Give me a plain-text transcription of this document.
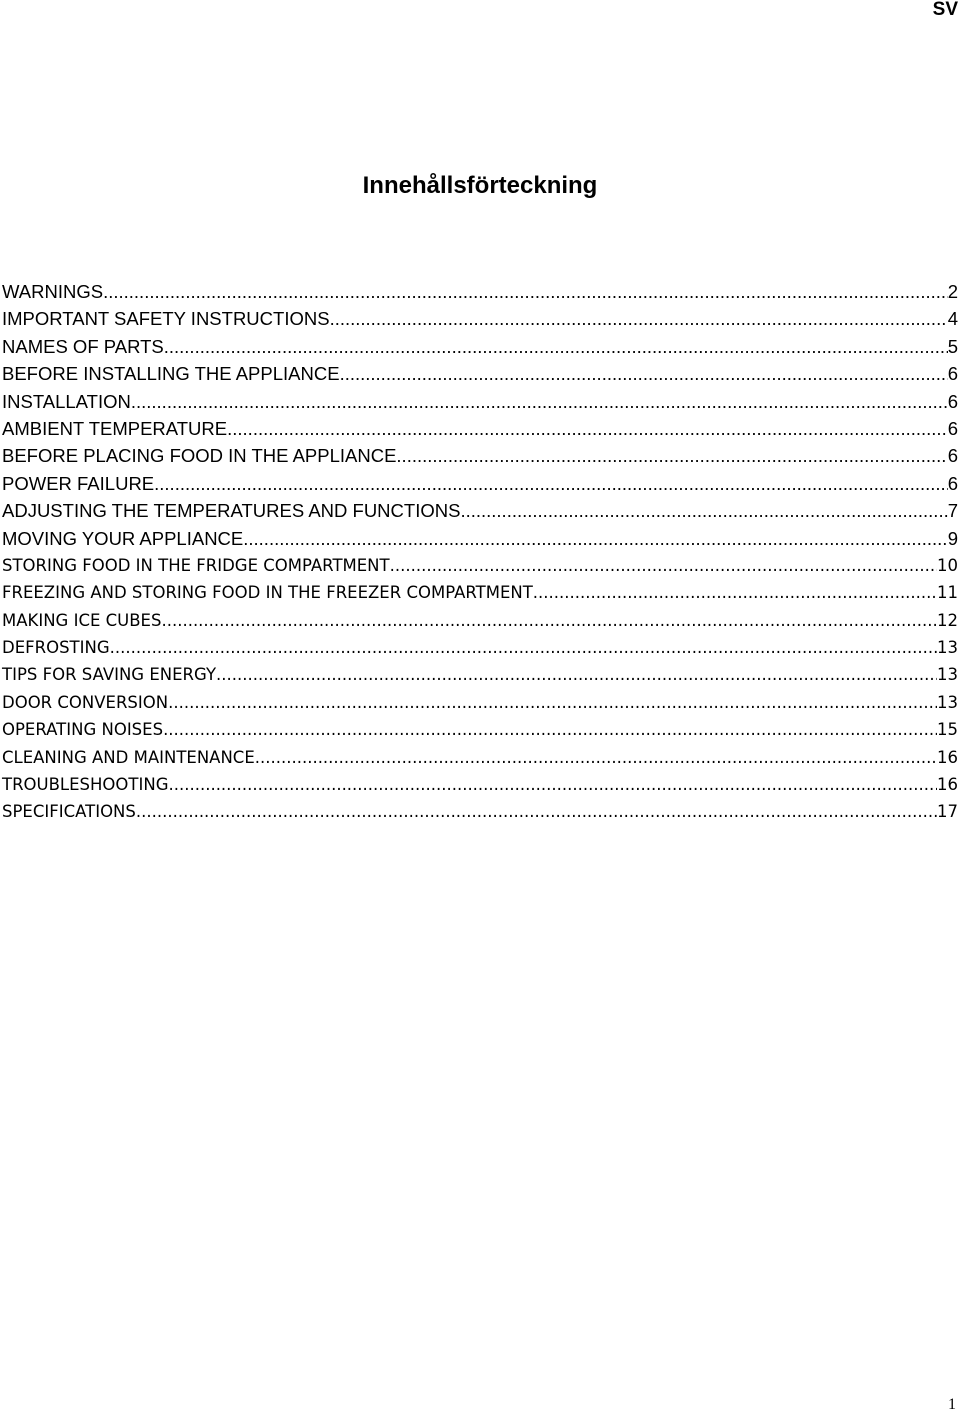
SV
Innehållsförteckning
WARNINGS .....	2
IMPORTANT SAFETY INSTRUCTIONS .....	4
NAMES OF PARTS .....	5
BEFORE INSTALLING THE APPLIANCE .....	6
INSTALLATION .....	6
AMBIENT TEMPERATURE .....	6
BEFORE PLACING FOOD IN THE APPLIANCE .....	6
POWER FAILURE .....	6
ADJUSTING THE TEMPERATURES AND FUNCTIONS .....	7
MOVING YOUR APPLIANCE .....	9
STORING FOOD IN THE FRIDGE COMPARTMENT .....	10
FREEZING AND STORING FOOD IN THE FREEZER COMPARTMENT .....	11
MAKING ICE CUBES .....	12
DEFROSTING .....	13
TIPS FOR SAVING ENERGY .....	13
DOOR CONVERSION .....	13
OPERATING NOISES .....	15
CLEANING AND MAINTENANCE .....	16
TROUBLESHOOTING .....	16
SPECIFICATIONS .....	17
1
